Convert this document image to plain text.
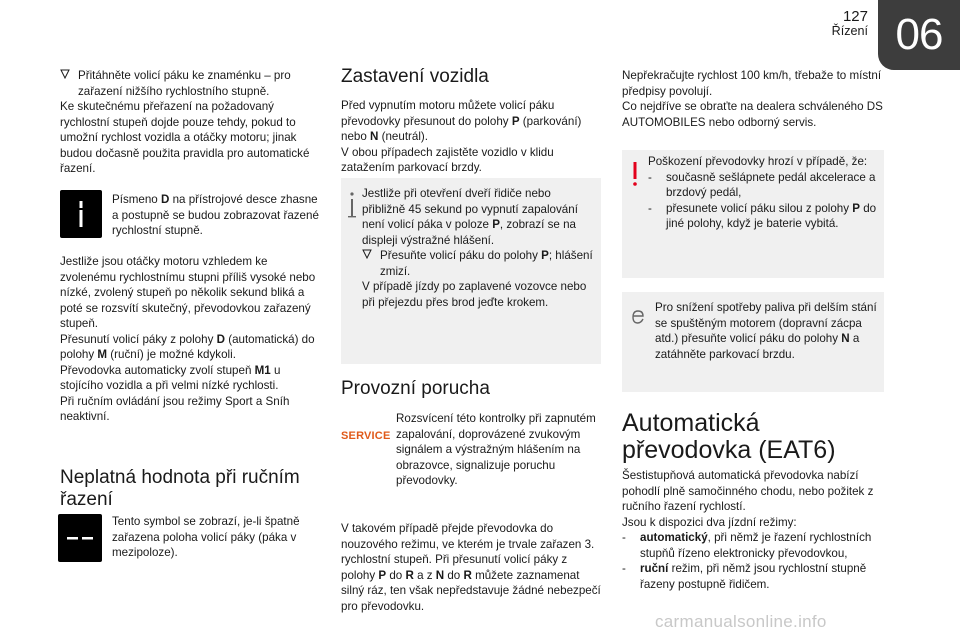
127
Řízení 06

Přitáhněte volicí páku ke znaménku – pro zařazení nižšího rychlostního stupně.

Ke skutečnému přeřazení na požadovaný rychlostní stupeň dojde pouze tehdy, pokud to umožní rychlost vozidla a otáčky motoru; jinak budou dočasně použita pravidla pro automatické řazení.

Písmeno D na přístrojové desce zhasne a postupně se budou zobrazovat řazené rychlostní stupně.

Jestliže jsou otáčky motoru vzhledem ke zvolenému rychlostnímu stupni příliš vysoké nebo nízké, zvolený stupeň po několik sekund bliká a poté se rozsvítí skutečný, převodovkou zařazený stupeň.

Přesunutí volicí páky z polohy D (automatická) do polohy M (ruční) je možné kdykoli.

Převodovka automaticky zvolí stupeň M1 u stojícího vozidla a při velmi nízké rychlosti.

Při ručním ovládání jsou režimy Sport a Sníh neaktivní.

Neplatná hodnota při ručním řazení
Tento symbol se zobrazí, je-li špatně zařazena poloha volicí páky (páka v mezipoloze).
Zastavení vozidla

Před vypnutím motoru můžete volicí páku převodovky přesunout do polohy P (parkování) nebo N (neutrál).

V obou případech zajistěte vozidlo v klidu zatažením parkovací brzdy.

Jestliže při otevření dveří řidiče nebo přibližně 45 sekund po vypnutí zapalování není volicí páka v poloze P, zobrazí se na displeji výstražné hlášení.

Přesuňte volicí páku do polohy P; hlášení zmizí.

V případě jízdy po zaplavené vozovce nebo při přejezdu přes brod jeďte krokem.

Provozní porucha
SERVICE
Rozsvícení této kontrolky při zapnutém zapalování, doprovázené zvukovým signálem a výstražným hlášením na obrazovce, signalizuje poruchu převodovky.

V takovém případě přejde převodovka do nouzového režimu, ve kterém je trvale zařazen 3. rychlostní stupeň. Při přesunutí volicí páky z polohy P do R a z N do R můžete zaznamenat silný ráz, ten však nepředstavuje žádné nebezpečí pro převodovku.

Nepřekračujte rychlost 100 km/h, třebaže to místní předpisy povolují.

Co nejdříve se obraťte na dealera schváleného DS AUTOMOBILES nebo odborný servis.

Poškození převodovky hrozí v případě, že:

-	současně sešlápnete pedál akcelerace a brzdový pedál,

-	přesunete volicí páku silou z polohy P do jiné polohy, když je baterie vybitá.

Pro snížení spotřeby paliva při delším stání se spuštěným motorem (dopravní zácpa atd.) přesuňte volicí páku do polohy N a zatáhněte parkovací brzdu.

Automatická převodovka (EAT6)

Šestistupňová automatická převodovka nabízí pohodlí plně samočinného chodu, nebo požitek z ručního řazení rychlostí.

Jsou k dispozici dva jízdní režimy:

-	automatický, při němž je řazení rychlostních stupňů řízeno elektronicky převodovkou,

-	ruční režim, při němž jsou rychlostní stupně řazeny postupně řidičem.

carmanualsonline.info
